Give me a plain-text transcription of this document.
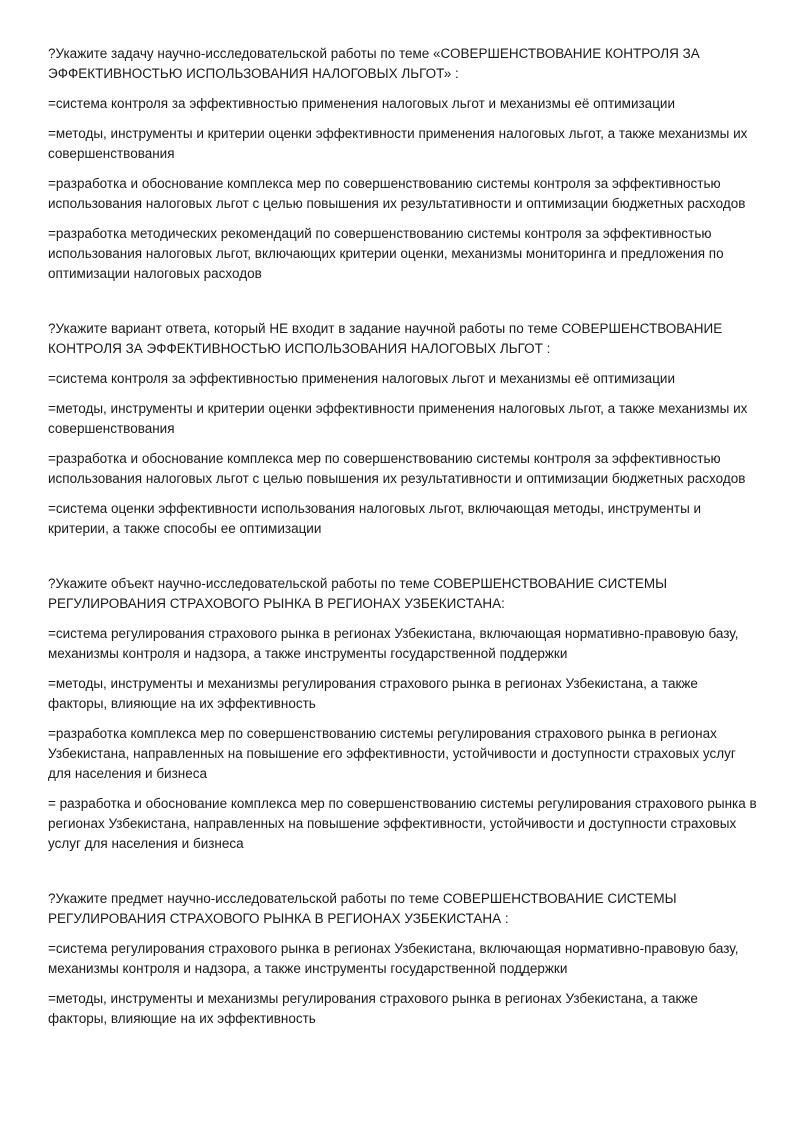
?Укажите задачу научно-исследовательской работы по теме «СОВЕРШЕНСТВОВАНИЕ КОНТРОЛЯ ЗА ЭФФЕКТИВНОСТЬЮ ИСПОЛЬЗОВАНИЯ НАЛОГОВЫХ ЛЬГОТ» :

=система контроля за эффективностью применения налоговых льгот и механизмы её оптимизации

=методы, инструменты и критерии оценки эффективности применения налоговых льгот, а также механизмы их совершенствования

=разработка и обоснование комплекса мер по совершенствованию системы контроля за эффективностью использования налоговых льгот с целью повышения их результативности и оптимизации бюджетных расходов

=разработка методических рекомендаций по совершенствованию системы контроля за эффективностью использования налоговых льгот, включающих критерии оценки, механизмы мониторинга и предложения по оптимизации налоговых расходов

?Укажите вариант ответа, который НЕ входит в задание научной работы по теме СОВЕРШЕНСТВОВАНИЕ КОНТРОЛЯ ЗА ЭФФЕКТИВНОСТЬЮ ИСПОЛЬЗОВАНИЯ НАЛОГОВЫХ ЛЬГОТ :

=система контроля за эффективностью применения налоговых льгот и механизмы её оптимизации

=методы, инструменты и критерии оценки эффективности применения налоговых льгот, а также механизмы их совершенствования

=разработка и обоснование комплекса мер по совершенствованию системы контроля за эффективностью использования налоговых льгот с целью повышения их результативности и оптимизации бюджетных расходов

=система оценки эффективности использования налоговых льгот, включающая методы, инструменты и критерии, а также способы ее оптимизации

?Укажите объект научно-исследовательской работы по теме СОВЕРШЕНСТВОВАНИЕ СИСТЕМЫ РЕГУЛИРОВАНИЯ СТРАХОВОГО РЫНКА В РЕГИОНАХ УЗБЕКИСТАНА:

=система регулирования страхового рынка в регионах Узбекистана, включающая нормативно-правовую базу, механизмы контроля и надзора, а также инструменты государственной поддержки

=методы, инструменты и механизмы регулирования страхового рынка в регионах Узбекистана, а также факторы, влияющие на их эффективность

=разработка комплекса мер по совершенствованию системы регулирования страхового рынка в регионах Узбекистана, направленных на повышение его эффективности, устойчивости и доступности страховых услуг для населения и бизнеса

= разработка и обоснование комплекса мер по совершенствованию системы регулирования страхового рынка в регионах Узбекистана, направленных на повышение эффективности, устойчивости и доступности страховых услуг для населения и бизнеса

?Укажите предмет научно-исследовательской работы по теме СОВЕРШЕНСТВОВАНИЕ СИСТЕМЫ РЕГУЛИРОВАНИЯ СТРАХОВОГО РЫНКА В РЕГИОНАХ УЗБЕКИСТАНА :

=система регулирования страхового рынка в регионах Узбекистана, включающая нормативно-правовую базу, механизмы контроля и надзора, а также инструменты государственной поддержки

=методы, инструменты и механизмы регулирования страхового рынка в регионах Узбекистана, а также факторы, влияющие на их эффективность
